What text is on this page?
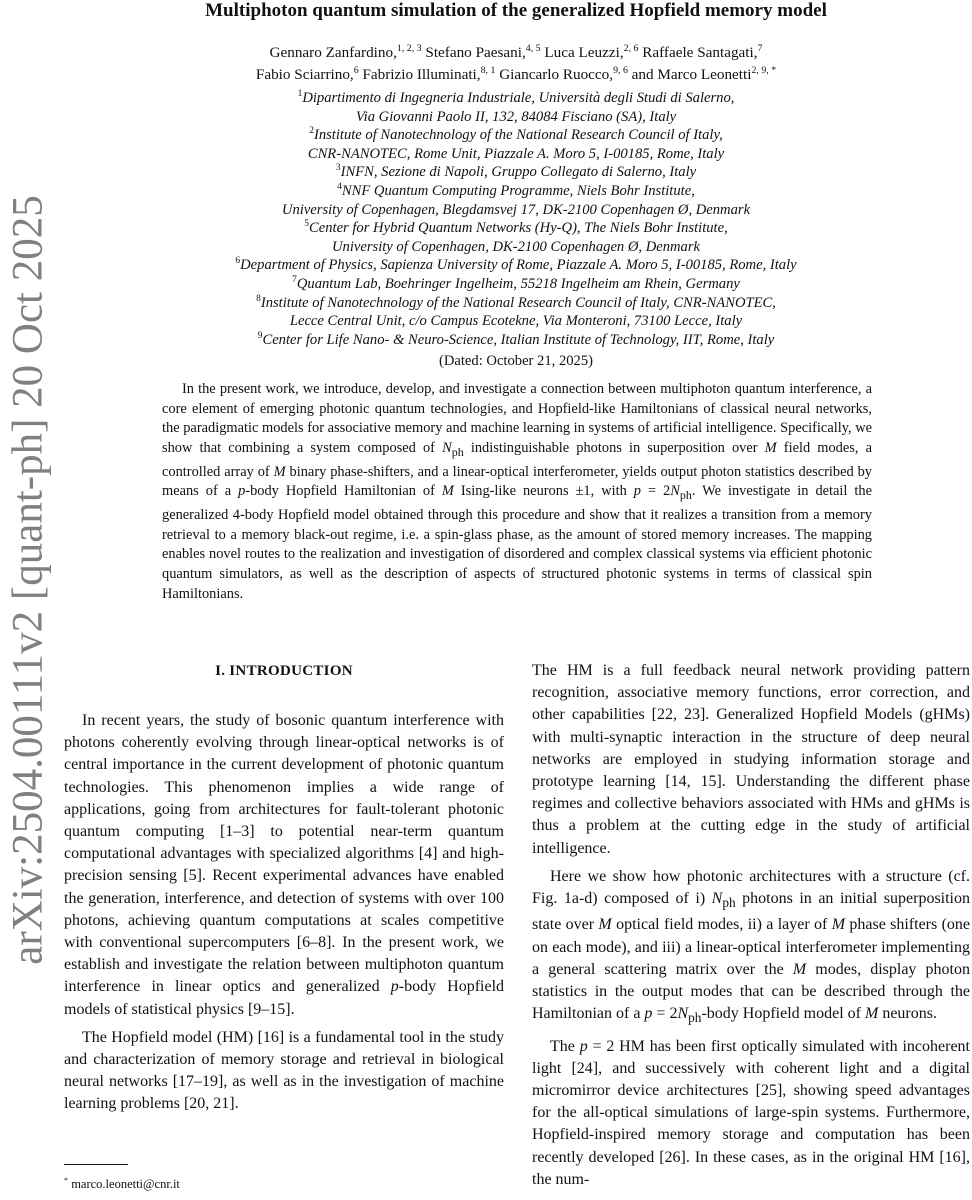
arXiv:2504.00111v2 [quant-ph] 20 Oct 2025
Multiphoton quantum simulation of the generalized Hopfield memory model
Gennaro Zanfardino,$^{1, 2, 3}$ Stefano Paesani,$^{4, 5}$ Luca Leuzzi,$^{2, 6}$ Raffaele Santagati,$^7$
Fabio Sciarrino,$^6$ Fabrizio Illuminati,$^{8, 1}$ Giancarlo Ruocco,$^{9, 6}$ and Marco Leonetti$^{2, 9, *}$
$^1$Dipartimento di Ingegneria Industriale, Università degli Studi di Salerno,
Via Giovanni Paolo II, 132, 84084 Fisciano (SA), Italy
$^2$Institute of Nanotechnology of the National Research Council of Italy,
CNR-NANOTEC, Rome Unit, Piazzale A. Moro 5, I-00185, Rome, Italy
$^3$INFN, Sezione di Napoli, Gruppo Collegato di Salerno, Italy
$^4$NNF Quantum Computing Programme, Niels Bohr Institute,
University of Copenhagen, Blegdamsvej 17, DK-2100 Copenhagen Ø, Denmark
$^5$Center for Hybrid Quantum Networks (Hy-Q), The Niels Bohr Institute,
University of Copenhagen, DK-2100 Copenhagen Ø, Denmark
$^6$Department of Physics, Sapienza University of Rome, Piazzale A. Moro 5, I-00185, Rome, Italy
$^7$Quantum Lab, Boehringer Ingelheim, 55218 Ingelheim am Rhein, Germany
$^8$Institute of Nanotechnology of the National Research Council of Italy, CNR-NANOTEC,
Lecce Central Unit, c/o Campus Ecotekne, Via Monteroni, 73100 Lecce, Italy
$^9$Center for Life Nano- & Neuro-Science, Italian Institute of Technology, IIT, Rome, Italy
(Dated: October 21, 2025)

In the present work, we introduce, develop, and investigate a connection between multiphoton quantum interference, a core element of emerging photonic quantum technologies, and Hopfield-like Hamiltonians of classical neural networks, the paradigmatic models for associative memory and machine learning in systems of artificial intelligence. Specifically, we show that combining a system composed of $N_{ph}$ indistinguishable photons in superposition over M field modes, a controlled array of M binary phase-shifters, and a linear-optical interferometer, yields output photon statistics described by means of a p-body Hopfield Hamiltonian of M Ising-like neurons ±1, with $p = 2N_{ph}$. We investigate in detail the generalized 4-body Hopfield model obtained through this procedure and show that it realizes a transition from a memory retrieval to a memory black-out regime, i.e. a spin-glass phase, as the amount of stored memory increases. The mapping enables novel routes to the realization and investigation of disordered and complex classical systems via efficient photonic quantum simulators, as well as the description of aspects of structured photonic systems in terms of classical spin Hamiltonians.

I. INTRODUCTION

In recent years, the study of bosonic quantum interference with photons coherently evolving through linear-optical networks is of central importance in the current development of photonic quantum technologies. This phenomenon implies a wide range of applications, going from architectures for fault-tolerant photonic quantum computing [1–3] to potential near-term quantum computational advantages with specialized algorithms [4] and high-precision sensing [5]. Recent experimental advances have enabled the generation, interference, and detection of systems with over 100 photons, achieving quantum computations at scales competitive with conventional supercomputers [6–8]. In the present work, we establish and investigate the relation between multiphoton quantum interference in linear optics and generalized p-body Hopfield models of statistical physics [9–15].

The Hopfield model (HM) [16] is a fundamental tool in the study and characterization of memory storage and retrieval in biological neural networks [17–19], as well as in the investigation of machine learning problems [20, 21].

The HM is a full feedback neural network providing pattern recognition, associative memory functions, error correction, and other capabilities [22, 23]. Generalized Hopfield Models (gHMs) with multi-synaptic interaction in the structure of deep neural networks are employed in studying information storage and prototype learning [14, 15]. Understanding the different phase regimes and collective behaviors associated with HMs and gHMs is thus a problem at the cutting edge in the study of artificial intelligence.

Here we show how photonic architectures with a structure (cf. Fig. 1a-d) composed of i) $N_{ph}$ photons in an initial superposition state over M optical field modes, ii) a layer of M phase shifters (one on each mode), and iii) a linear-optical interferometer implementing a general scattering matrix over the M modes, display photon statistics in the output modes that can be described through the Hamiltonian of a $p = 2N_{ph}$-body Hopfield model of M neurons.

The p = 2 HM has been first optically simulated with incoherent light [24], and successively with coherent light and a digital micromirror device architectures [25], showing speed advantages for the all-optical simulations of large-spin systems. Furthermore, Hopfield-inspired memory storage and computation has been recently developed [26]. In these cases, as in the original HM [16], the num-

* marco.leonetti@cnr.it
